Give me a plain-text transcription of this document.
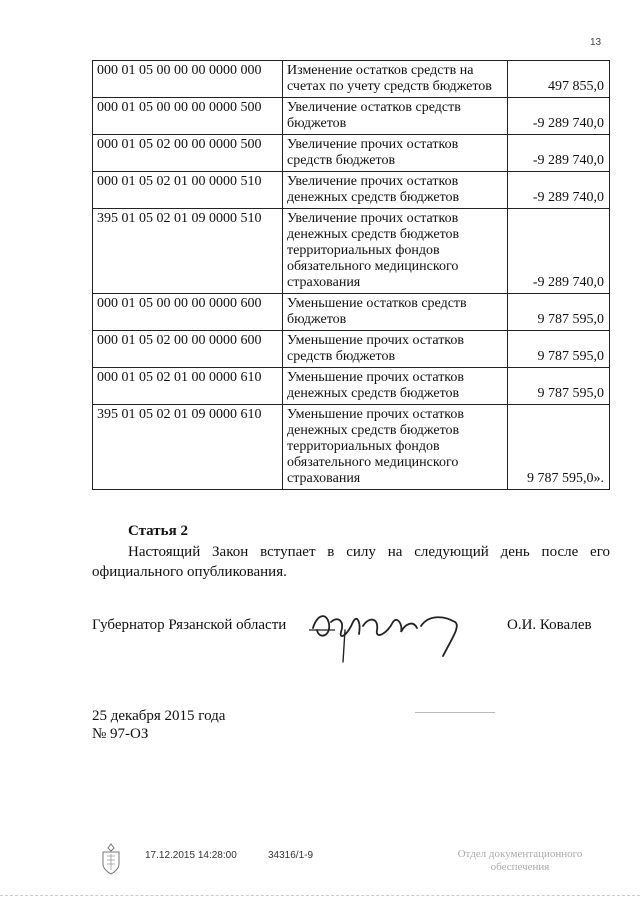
13
000 01 05 00 00 00 0000 000	Изменение остатков средств на счетах по учету средств бюджетов	497 855,0
000 01 05 00 00 00 0000 500	Увеличение остатков средств бюджетов	-9 289 740,0
000 01 05 02 00 00 0000 500	Увеличение прочих остатков средств бюджетов	-9 289 740,0
000 01 05 02 01 00 0000 510	Увеличение прочих остатков денежных средств бюджетов	-9 289 740,0
395 01 05 02 01 09 0000 510	Увеличение прочих остатков денежных средств бюджетов территориальных фондов обязательного медицинского страхования	-9 289 740,0
000 01 05 00 00 00 0000 600	Уменьшение остатков средств бюджетов	9 787 595,0
000 01 05 02 00 00 0000 600	Уменьшение прочих остатков средств бюджетов	9 787 595,0
000 01 05 02 01 00 0000 610	Уменьшение прочих остатков денежных средств бюджетов	9 787 595,0
395 01 05 02 01 09 0000 610	Уменьшение прочих остатков денежных средств бюджетов территориальных фондов обязательного медицинского страхования	9 787 595,0».
Статья 2
Настоящий Закон вступает в силу на следующий день после его официального опубликования.
Губернатор Рязанской области	О.И. Ковалев
25 декабря 2015 года
№ 97-ОЗ
17.12.2015 14:28:00	34316/1-9	Отдел документационного
обеспечения
